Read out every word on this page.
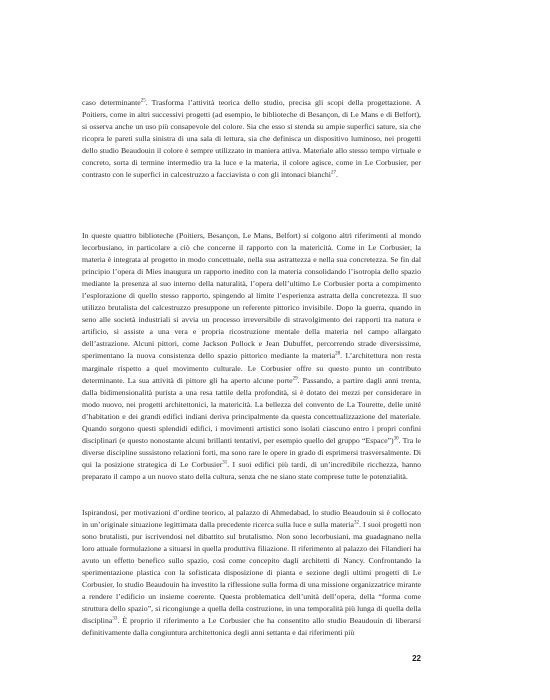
caso determinante$^{25}$. Trasforma l’attività teorica dello studio, precisa gli scopi della progettazione. A Poitiers, come in altri successivi progetti (ad esempio, le biblioteche di Besançon, di Le Mans e di Belfort), si osserva anche un uso più consapevole del colore. Sia che esso si stenda su ampie superfici sature, sia che ricopra le pareti sulla sinistra di una sala di lettura, sia che definisca un dispositivo luminoso, nei progetti dello studio Beaudouin il colore è sempre utilizzato in maniera attiva. Materiale allo stesso tempo virtuale e concreto, sorta di termine intermedio tra la luce e la materia, il colore agisce, come in Le Corbusier, per contrasto con le superfici in calcestruzzo a facciavista o con gli intonaci bianchi$^{27}$.

In queste quattro biblioteche (Poitiers, Besançon, Le Mans, Belfort) si colgono altri riferimenti al mondo lecorbusiano, in particolare a ciò che concerne il rapporto con la matericità. Come in Le Corbusier, la materia è integrata al progetto in modo concettuale, nella sua astrattezza e nella sua concretezza. Se fin dal principio l’opera di Mies inaugura un rapporto inedito con la materia consolidando l’isotropia dello spazio mediante la presenza al suo interno della naturalità, l’opera dell’ultimo Le Corbusier porta a compimento l’esplorazione di quello stesso rapporto, spingendo al limite l’esperienza astratta della concretezza. Il suo utilizzo brutalista del calcestruzzo presuppone un referente pittorico invisibile. Dopo la guerra, quando in seno alle società industriali si avvia un processo irreversibile di stravolgimento dei rapporti tra natura e artificio, si assiste a una vera e propria ricostruzione mentale della materia nel campo allargato dell’astrazione. Alcuni pittori, come Jackson Pollock e Jean Dubuffet, percorrendo strade diversissime, sperimentano la nuova consistenza dello spazio pittorico mediante la materia$^{28}$. L’architettura non resta marginale rispetto a quel movimento culturale. Le Corbusier offre su questo punto un contributo determinante. La sua attività di pittore gli ha aperto alcune porte$^{29}$. Passando, a partire dagli anni trenta, dalla bidimensionalità purista a una resa tattile della profondità, si è dotato dei mezzi per considerare in modo nuovo, nei progetti architettonici, la matericità. La bellezza del convento de La Tourette, delle unité d’habitation e dei grandi edifici indiani deriva principalmente da questa concettualizzazione del materiale. Quando sorgono questi splendidi edifici, i movimenti artistici sono isolati ciascuno entro i propri confini disciplinari (e questo nonostante alcuni brillanti tentativi, per esempio quello del gruppo “Espace”)$^{30}$. Tra le diverse discipline sussistono relazioni forti, ma sono rare le opere in grado di esprimersi trasversalmente. Di qui la posizione strategica di Le Corbusier$^{31}$. I suoi edifici più tardi, di un’incredibile ricchezza, hanno preparato il campo a un nuovo stato della cultura, senza che ne siano state comprese tutte le potenzialità.

Ispirandosi, per motivazioni d’ordine teorico, al palazzo di Ahmedabad, lo studio Beaudouin si è collocato in un’originale situazione legittimata dalla precedente ricerca sulla luce e sulla materia$^{32}$. I suoi progetti non sono brutalisti, pur iscrivendosi nel dibattito sul brutalismo. Non sono lecorbusiani, ma guadagnano nella loro attuale formulazione a situarsi in quella produttiva filiazione. Il riferimento al palazzo dei Filandieri ha avuto un effetto benefico sullo spazio, così come concepito dagli architetti di Nancy. Confrontando la sperimentazione plastica con la sofisticata disposizione di pianta e sezione degli ultimi progetti di Le Corbusier, lo studio Beaudouin ha investito la riflessione sulla forma di una missione organizzatrice mirante a rendere l’edificio un insieme coerente. Questa problematica dell’unità dell’opera, della “forma come struttura dello spazio”, si ricongiunge a quella della costruzione, in una temporalità più lunga di quella della disciplina$^{33}$. È proprio il riferimento a Le Corbusier che ha consentito allo studio Beaudouin di liberarsi definitivamente dalla congiuntura architettonica degli anni settanta e dai riferimenti più

22
